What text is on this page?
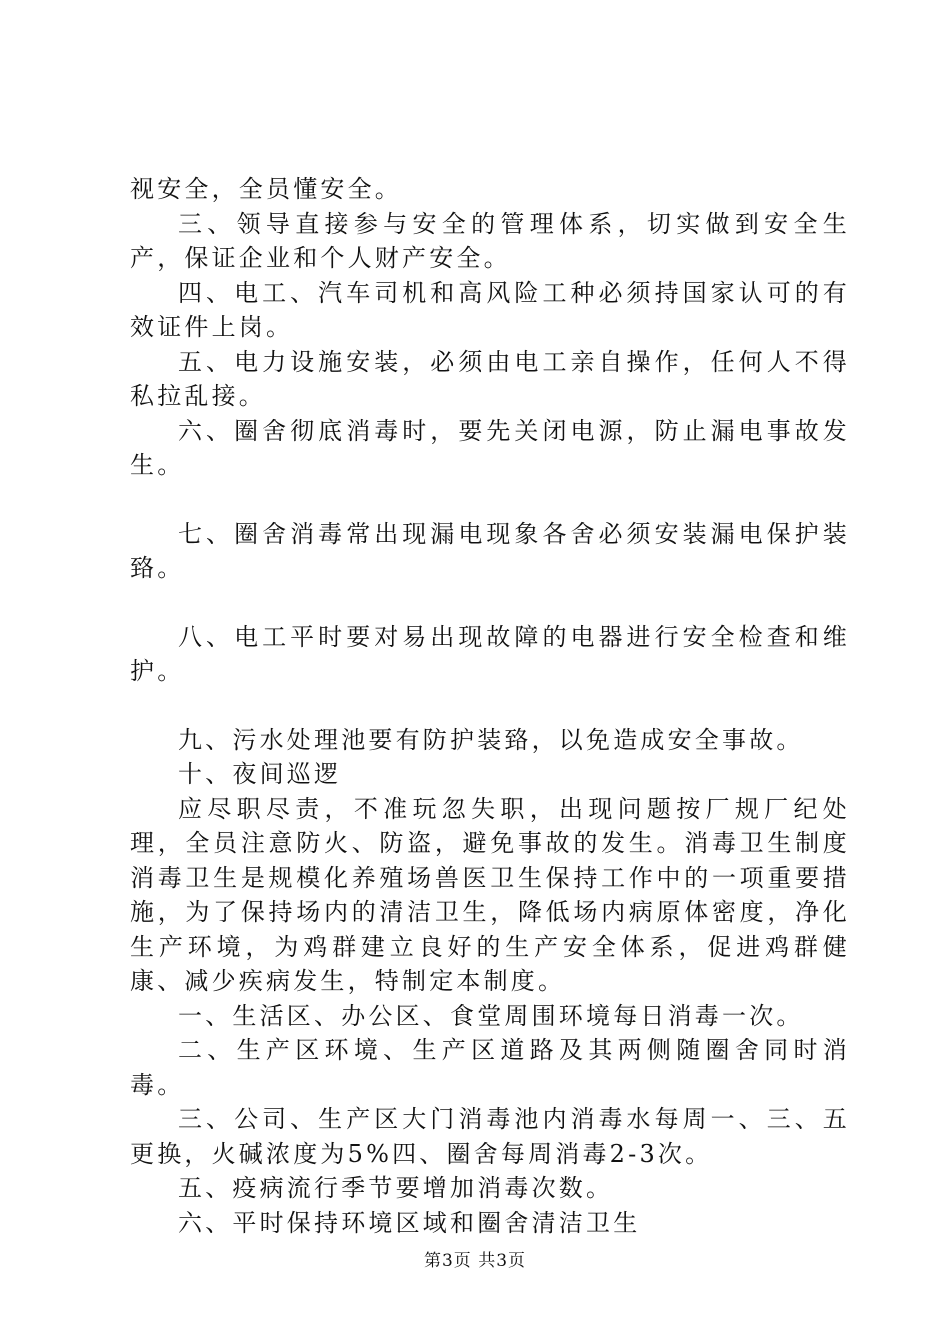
视安全，全员懂安全。

三、领导直接参与安全的管理体系，切实做到安全生产，保证企业和个人财产安全。

四、电工、汽车司机和高风险工种必须持国家认可的有效证件上岗。

五、电力设施安装，必须由电工亲自操作，任何人不得私拉乱接。

六、圈舍彻底消毒时，要先关闭电源，防止漏电事故发生。

七、圈舍消毒常出现漏电现象各舍必须安装漏电保护装臵。

八、电工平时要对易出现故障的电器进行安全检查和维护。

九、污水处理池要有防护装臵，以免造成安全事故。

十、夜间巡逻

应尽职尽责，不准玩忽失职，出现问题按厂规厂纪处理，全员注意防火、防盗，避免事故的发生。消毒卫生制度消毒卫生是规模化养殖场兽医卫生保持工作中的一项重要措施，为了保持场内的清洁卫生，降低场内病原体密度，净化生产环境，为鸡群建立良好的生产安全体系，促进鸡群健康、减少疾病发生，特制定本制度。

一、生活区、办公区、食堂周围环境每日消毒一次。

二、生产区环境、生产区道路及其两侧随圈舍同时消毒。

三、公司、生产区大门消毒池内消毒水每周一、三、五更换，火碱浓度为5%四、圈舍每周消毒2-3次。

五、疫病流行季节要增加消毒次数。

六、平时保持环境区域和圈舍清洁卫生

第3页 共3页
